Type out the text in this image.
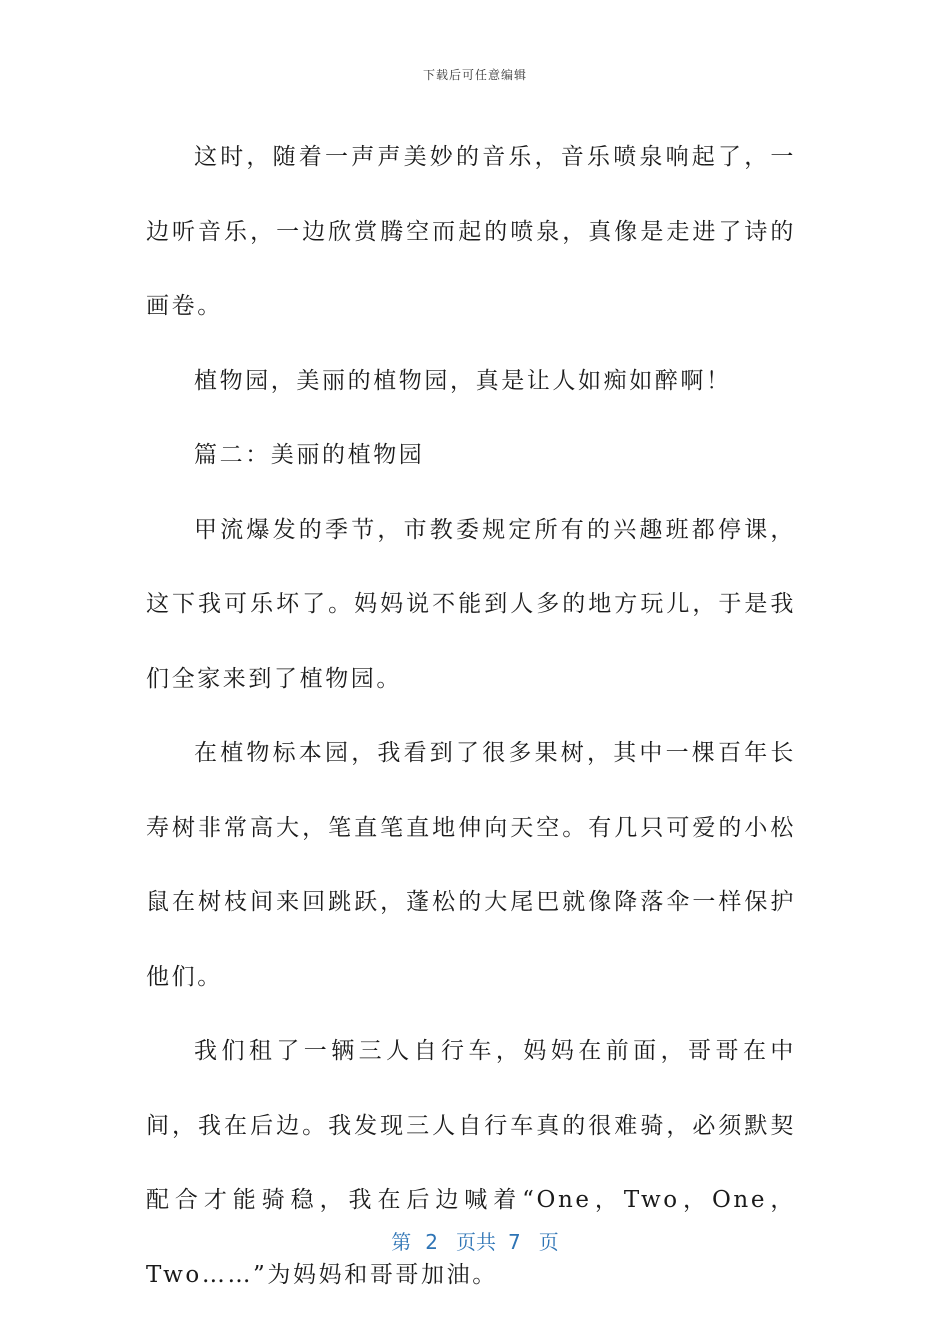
下载后可任意编辑

这时，随着一声声美妙的音乐，音乐喷泉响起了，一边听音乐，一边欣赏腾空而起的喷泉，真像是走进了诗的画卷。

植物园，美丽的植物园，真是让人如痴如醉啊！

篇二：美丽的植物园

甲流爆发的季节，市教委规定所有的兴趣班都停课，这下我可乐坏了。妈妈说不能到人多的地方玩儿，于是我们全家来到了植物园。

在植物标本园，我看到了很多果树，其中一棵百年长寿树非常高大，笔直笔直地伸向天空。有几只可爱的小松鼠在树枝间来回跳跃，蓬松的大尾巴就像降落伞一样保护他们。

我们租了一辆三人自行车，妈妈在前面，哥哥在中间，我在后边。我发现三人自行车真的很难骑，必须默契配合才能骑稳，我在后边喊着“One，Two，One，Two……”为妈妈和哥哥加油。

第 2 页共 7 页
